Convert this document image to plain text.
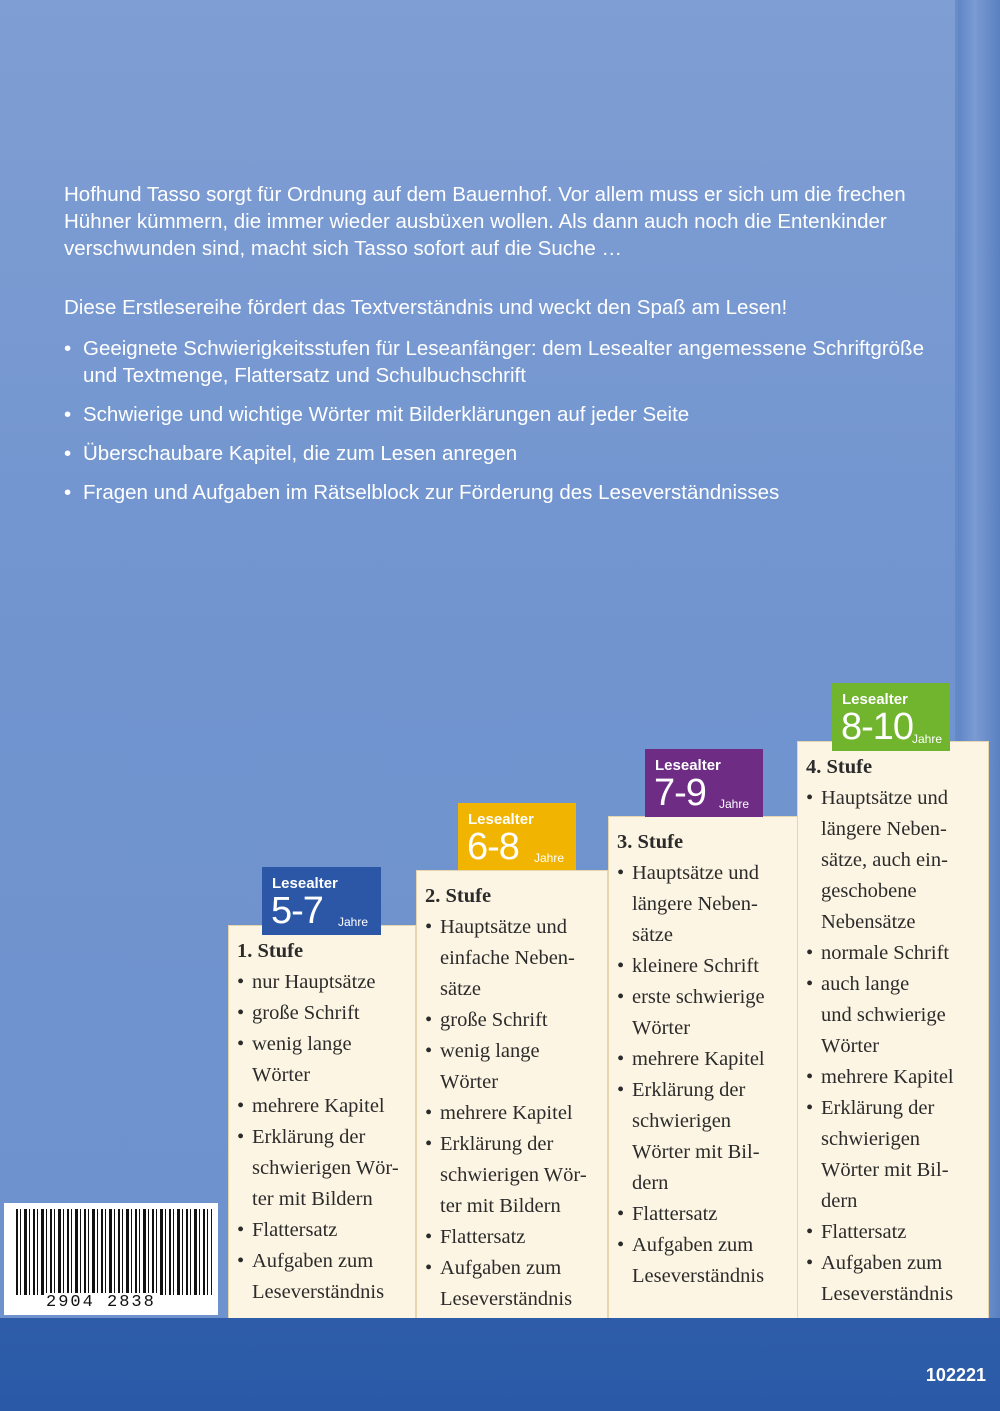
Hofhund Tasso sorgt für Ordnung auf dem Bauernhof. Vor allem muss er sich um die frechen Hühner kümmern, die immer wieder ausbüxen wollen. Als dann auch noch die Entenkinder verschwunden sind, macht sich Tasso sofort auf die Suche …
Diese Erstlesereihe fördert das Textverständnis und weckt den Spaß am Lesen!
• Geeignete Schwierigkeitsstufen für Leseanfänger: dem Lesealter angemessene Schriftgröße und Textmenge, Flattersatz und Schulbuchschrift
• Schwierige und wichtige Wörter mit Bilderklärungen auf jeder Seite
• Überschaubare Kapitel, die zum Lesen anregen
• Fragen und Aufgaben im Rätselblock zur Förderung des Leseverständnisses
1. Stufe
• nur Hauptsätze
• große Schrift
• wenig lange
Wörter
• mehrere Kapitel
• Erklärung der
schwierigen Wör-
ter mit Bildern
• Flattersatz
• Aufgaben zum
Leseverständnis
Lesealter
5-7 Jahre
2. Stufe
• Hauptsätze und
einfache Neben-
sätze
• große Schrift
• wenig lange
Wörter
• mehrere Kapitel
• Erklärung der
schwierigen Wör-
ter mit Bildern
• Flattersatz
• Aufgaben zum
Leseverständnis
Lesealter
6-8 Jahre
3. Stufe
• Hauptsätze und
längere Neben-
sätze
• kleinere Schrift
• erste schwierige
Wörter
• mehrere Kapitel
• Erklärung der
schwierigen
Wörter mit Bil-
dern
• Flattersatz
• Aufgaben zum
Leseverständnis
Lesealter
7-9 Jahre
4. Stufe
• Hauptsätze und
längere Neben-
sätze, auch ein-
geschobene
Nebensätze
• normale Schrift
• auch lange
und schwierige
Wörter
• mehrere Kapitel
• Erklärung der
schwierigen
Wörter mit Bil-
dern
• Flattersatz
• Aufgaben zum
Leseverständnis
Lesealter
8-10
Jahre
2904 2838
102221
